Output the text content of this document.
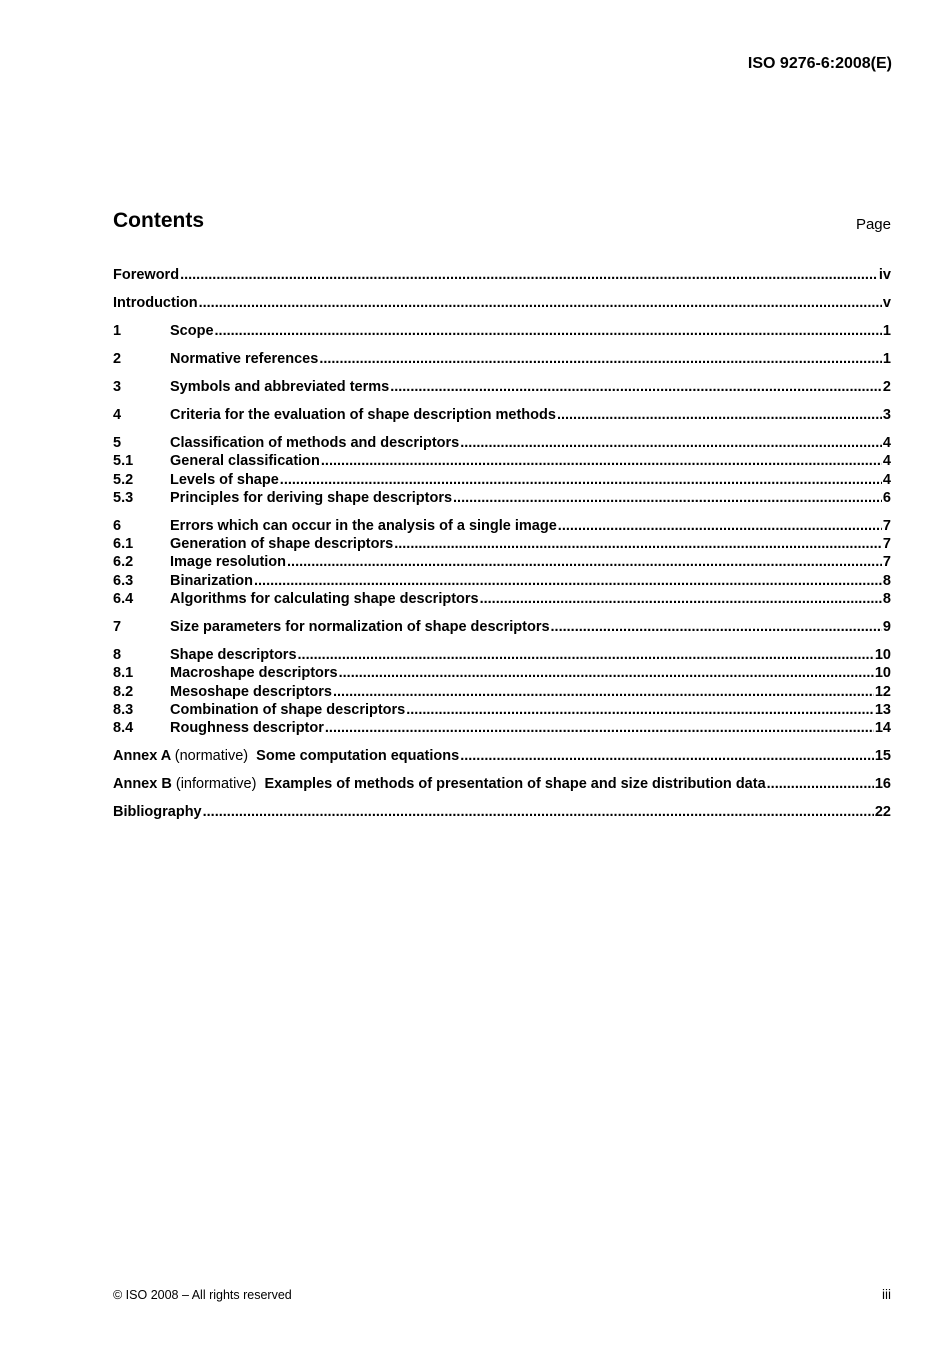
ISO 9276-6:2008(E)
Contents	Page
Foreword .....	iv
Introduction .....	v
1	Scope .....	1
2	Normative references .....	1
3	Symbols and abbreviated terms .....	2
4	Criteria for the evaluation of shape description methods .....	3
5	Classification of methods and descriptors .....	4
5.1	General classification .....	4
5.2	Levels of shape .....	4
5.3	Principles for deriving shape descriptors .....	6
6	Errors which can occur in the analysis of a single image .....	7
6.1	Generation of shape descriptors .....	7
6.2	Image resolution .....	7
6.3	Binarization .....	8
6.4	Algorithms for calculating shape descriptors .....	8
7	Size parameters for normalization of shape descriptors .....	9
8	Shape descriptors .....	10
8.1	Macroshape descriptors .....	10
8.2	Mesoshape descriptors .....	12
8.3	Combination of shape descriptors .....	13
8.4	Roughness descriptor .....	14
Annex A (normative) Some computation equations .....	15
Annex B (informative) Examples of methods of presentation of shape and size distribution data .....	16
Bibliography .....	22
© ISO 2008 – All rights reserved	iii
